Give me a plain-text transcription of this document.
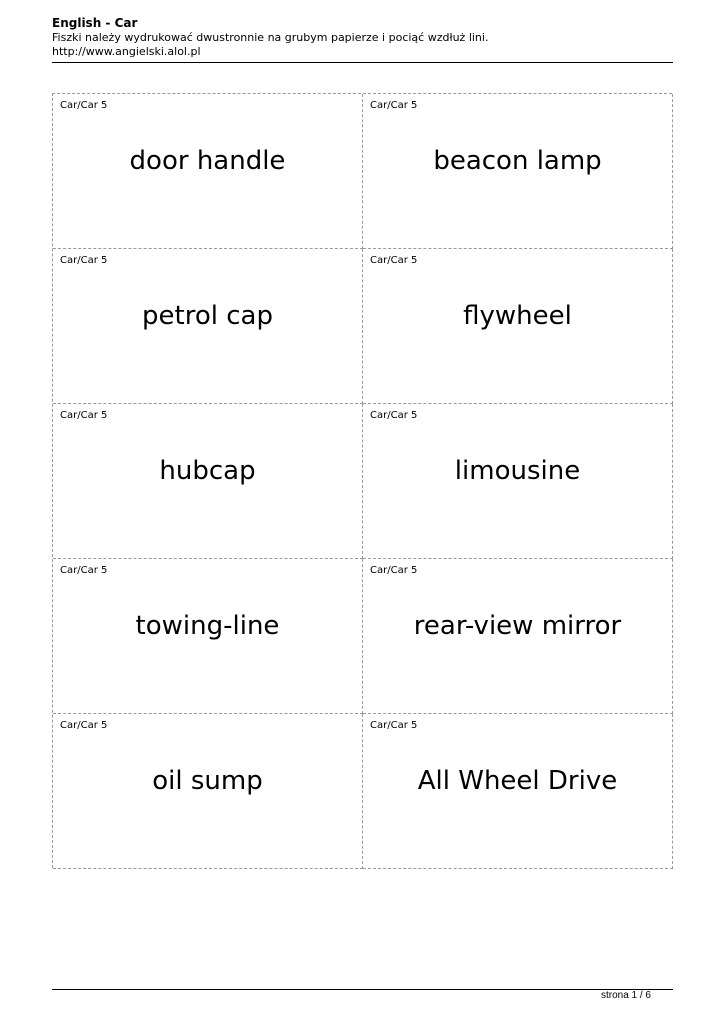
English - Car
Fiszki należy wydrukować dwustronnie na grubym papierze i pociąć wzdłuż lini.
http://www.angielski.alol.pl
Car/Car 5
door handle
Car/Car 5
beacon lamp
Car/Car 5
petrol cap
Car/Car 5
flywheel
Car/Car 5
hubcap
Car/Car 5
limousine
Car/Car 5
towing-line
Car/Car 5
rear-view mirror
Car/Car 5
oil sump
Car/Car 5
All Wheel Drive
strona 1 / 6
